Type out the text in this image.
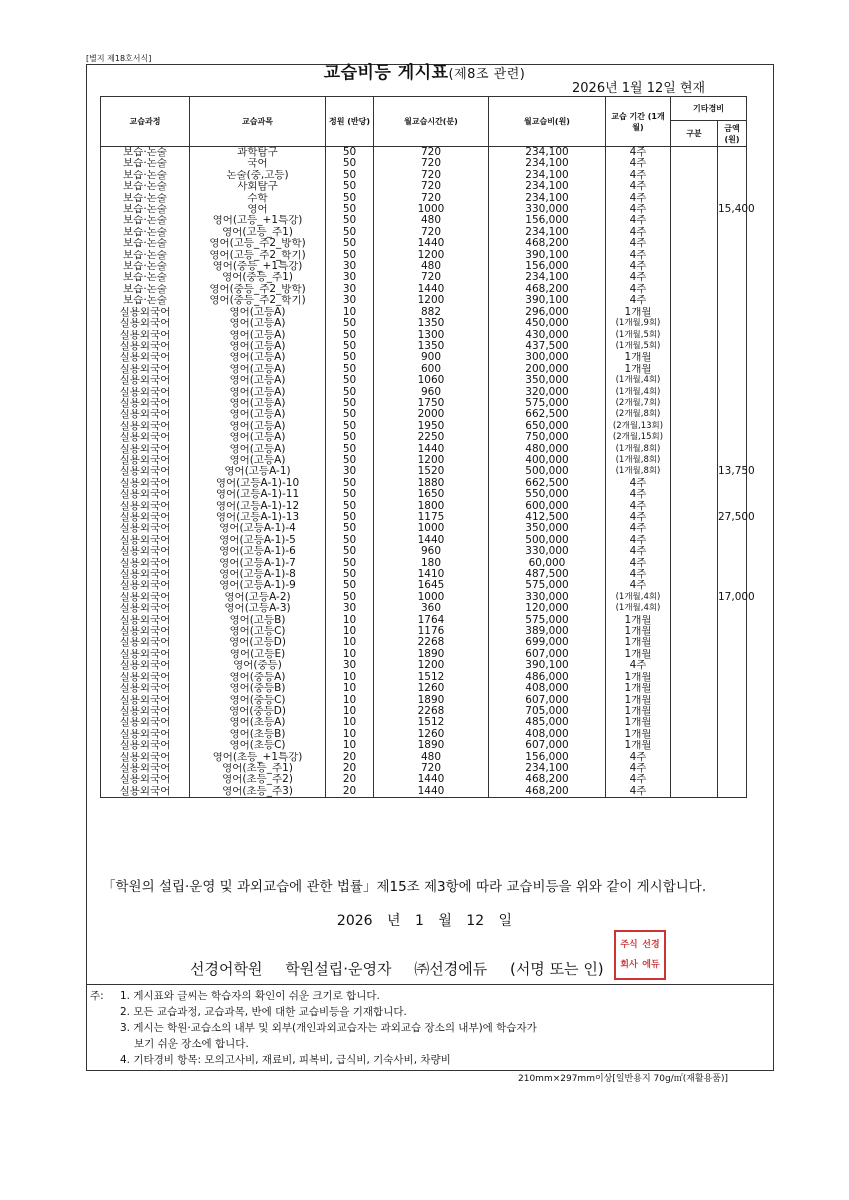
[별지 제18호서식]
교습비등 게시표(제8조 관련)
2026년 1월 12일 현재
교습과정	교습과목	정원 (반당)	월교습시간(분)	월교습비(원)	교습 기간 (1개월)	기타경비	
						구분	금액(원)
보습·논술	과학탐구	50	720	234,100	4주		
보습·논술	국어	50	720	234,100	4주		
보습·논술	논술(중,고등)	50	720	234,100	4주		
보습·논술	사회탐구	50	720	234,100	4주		
보습·논술	수학	50	720	234,100	4주		
보습·논술	영어	50	1000	330,000	4주		15,400
보습·논술	영어(고등_+1특강)	50	480	156,000	4주		
보습·논술	영어(고등_주1)	50	720	234,100	4주		
보습·논술	영어(고등_주2_방학)	50	1440	468,200	4주		
보습·논술	영어(고등_주2_학기)	50	1200	390,100	4주		
보습·논술	영어(중등_+1특강)	30	480	156,000	4주		
보습·논술	영어(중등_주1)	30	720	234,100	4주		
보습·논술	영어(중등_주2_방학)	30	1440	468,200	4주		
보습·논술	영어(중등_주2_학기)	30	1200	390,100	4주		
실용외국어	영어(고등A)	10	882	296,000	1개월		
실용외국어	영어(고등A)	50	1350	450,000	(1개월,9회)		
실용외국어	영어(고등A)	50	1300	430,000	(1개월,5회)		
실용외국어	영어(고등A)	50	1350	437,500	(1개월,5회)		
실용외국어	영어(고등A)	50	900	300,000	1개월		
실용외국어	영어(고등A)	50	600	200,000	1개월		
실용외국어	영어(고등A)	50	1060	350,000	(1개월,4회)		
실용외국어	영어(고등A)	50	960	320,000	(1개월,4회)		
실용외국어	영어(고등A)	50	1750	575,000	(2개월,7회)		
실용외국어	영어(고등A)	50	2000	662,500	(2개월,8회)		
실용외국어	영어(고등A)	50	1950	650,000	(2개월,13회)		
실용외국어	영어(고등A)	50	2250	750,000	(2개월,15회)		
실용외국어	영어(고등A)	50	1440	480,000	(1개월,8회)		
실용외국어	영어(고등A)	50	1200	400,000	(1개월,8회)		
실용외국어	영어(고등A-1)	30	1520	500,000	(1개월,8회)		13,750
실용외국어	영어(고등A-1)-10	50	1880	662,500	4주		
실용외국어	영어(고등A-1)-11	50	1650	550,000	4주		
실용외국어	영어(고등A-1)-12	50	1800	600,000	4주		
실용외국어	영어(고등A-1)-13	50	1175	412,500	4주		27,500
실용외국어	영어(고등A-1)-4	50	1000	350,000	4주		
실용외국어	영어(고등A-1)-5	50	1440	500,000	4주		
실용외국어	영어(고등A-1)-6	50	960	330,000	4주		
실용외국어	영어(고등A-1)-7	50	180	60,000	4주		
실용외국어	영어(고등A-1)-8	50	1410	487,500	4주		
실용외국어	영어(고등A-1)-9	50	1645	575,000	4주		
실용외국어	영어(고등A-2)	50	1000	330,000	(1개월,4회)		17,000
실용외국어	영어(고등A-3)	30	360	120,000	(1개월,4회)		
실용외국어	영어(고등B)	10	1764	575,000	1개월		
실용외국어	영어(고등C)	10	1176	389,000	1개월		
실용외국어	영어(고등D)	10	2268	699,000	1개월		
실용외국어	영어(고등E)	10	1890	607,000	1개월		
실용외국어	영어(중등)	30	1200	390,100	4주		
실용외국어	영어(중등A)	10	1512	486,000	1개월		
실용외국어	영어(중등B)	10	1260	408,000	1개월		
실용외국어	영어(중등C)	10	1890	607,000	1개월		
실용외국어	영어(중등D)	10	2268	705,000	1개월		
실용외국어	영어(초등A)	10	1512	485,000	1개월		
실용외국어	영어(초등B)	10	1260	408,000	1개월		
실용외국어	영어(초등C)	10	1890	607,000	1개월		
실용외국어	영어(초등_+1특강)	20	480	156,000	4주		
실용외국어	영어(초등_주1)	20	720	234,100	4주		
실용외국어	영어(초등_주2)	20	1440	468,200	4주		
실용외국어	영어(초등_주3)	20	1440	468,200	4주		
「학원의 설립·운영 및 과외교습에 관한 법률」제15조 제3항에 따라 교습비등을 위와 같이 게시합니다.
2026 년 1 월 12 일
선경어학원 학원설립·운영자 ㈜선경에듀 (서명 또는 인)
주식 선경
회사 에듀
주:	1. 게시표와 글씨는 학습자의 확인이 쉬운 크기로 합니다.
2. 모든 교습과정, 교습과목, 반에 대한 교습비등을 기재합니다.
3. 게시는 학원·교습소의 내부 및 외부(개인과외교습자는 과외교습 장소의 내부)에 학습자가
보기 쉬운 장소에 합니다.
4. 기타경비 항목: 모의고사비, 재료비, 피복비, 급식비, 기숙사비, 차량비
210mm×297mm이상[일반용지 70g/㎡(재활용품)]
